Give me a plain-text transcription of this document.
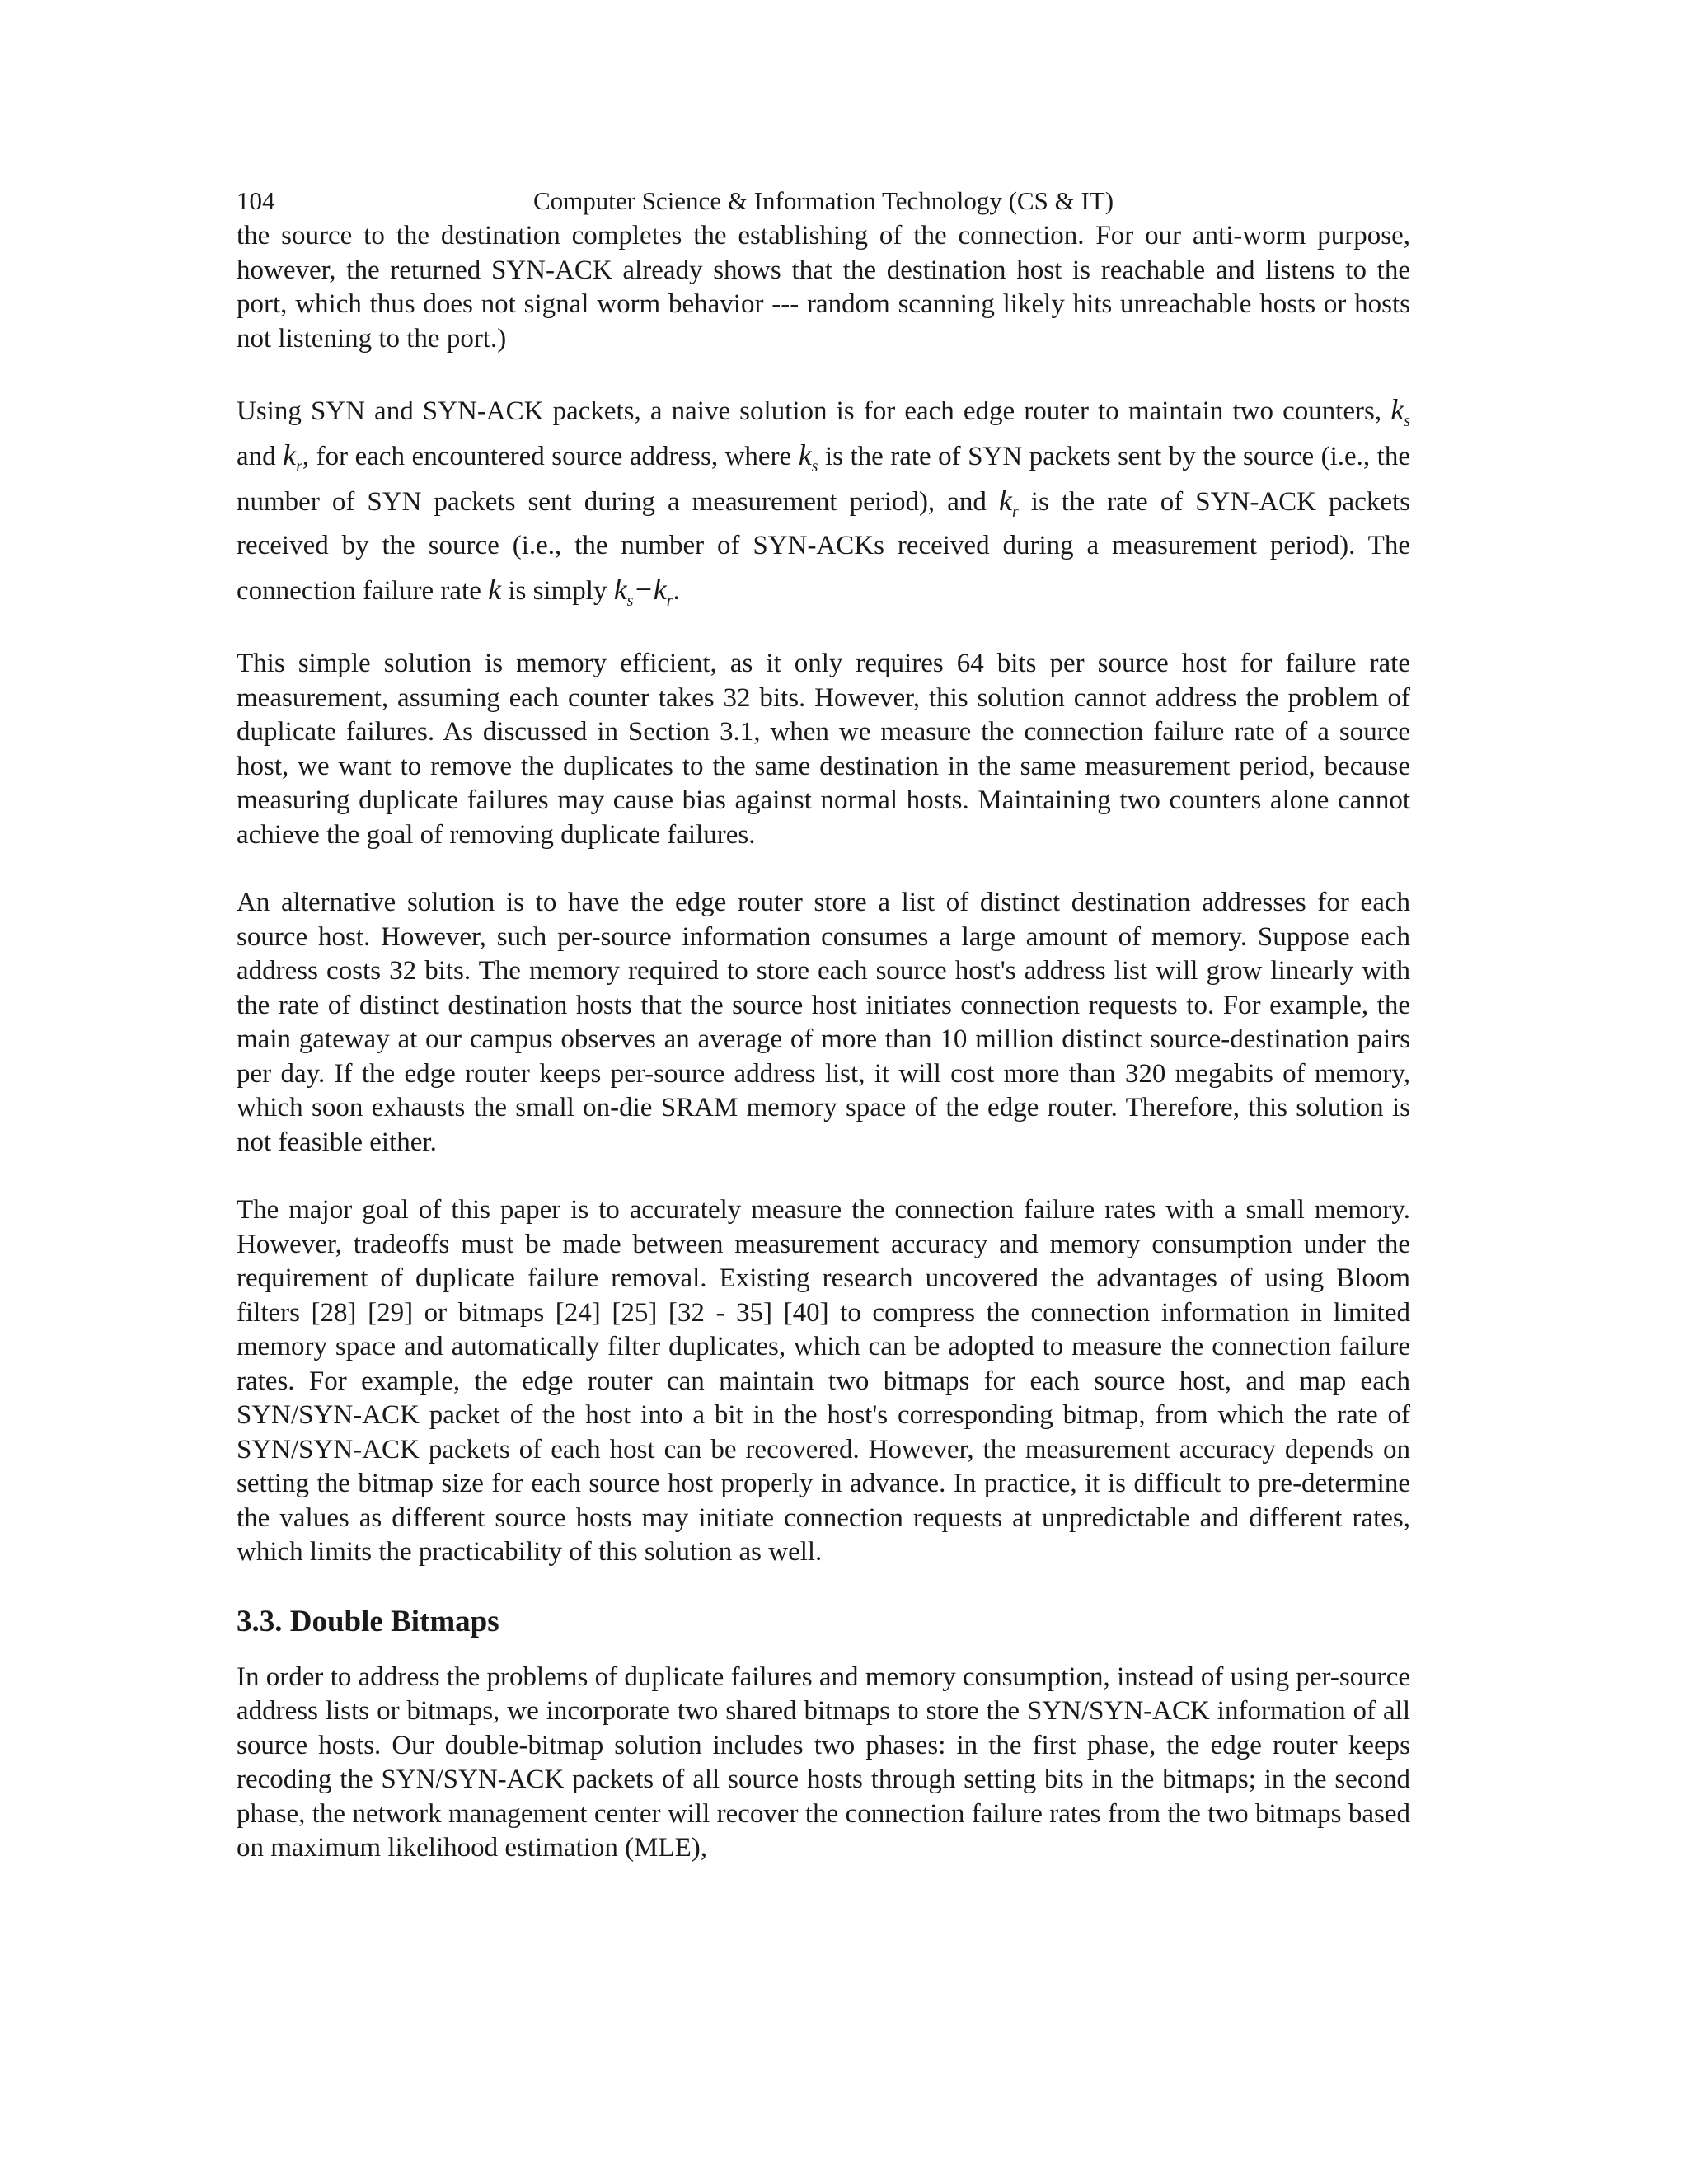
104	Computer Science & Information Technology (CS & IT)

the source to the destination completes the establishing of the connection. For our anti-worm purpose, however, the returned SYN-ACK already shows that the destination host is reachable and listens to the port, which thus does not signal worm behavior --- random scanning likely hits unreachable hosts or hosts not listening to the port.)

Using SYN and SYN-ACK packets, a naive solution is for each edge router to maintain two counters, $k_s$ and $k_r$, for each encountered source address, where $k_s$ is the rate of SYN packets sent by the source (i.e., the number of SYN packets sent during a measurement period), and $k_r$ is the rate of SYN-ACK packets received by the source (i.e., the number of SYN-ACKs received during a measurement period). The connection failure rate k is simply $k_s-k_r$.

This simple solution is memory efficient, as it only requires 64 bits per source host for failure rate measurement, assuming each counter takes 32 bits. However, this solution cannot address the problem of duplicate failures. As discussed in Section 3.1, when we measure the connection failure rate of a source host, we want to remove the duplicates to the same destination in the same measurement period, because measuring duplicate failures may cause bias against normal hosts. Maintaining two counters alone cannot achieve the goal of removing duplicate failures.

An alternative solution is to have the edge router store a list of distinct destination addresses for each source host. However, such per-source information consumes a large amount of memory. Suppose each address costs 32 bits. The memory required to store each source host's address list will grow linearly with the rate of distinct destination hosts that the source host initiates connection requests to. For example, the main gateway at our campus observes an average of more than 10 million distinct source-destination pairs per day. If the edge router keeps per-source address list, it will cost more than 320 megabits of memory, which soon exhausts the small on-die SRAM memory space of the edge router. Therefore, this solution is not feasible either.

The major goal of this paper is to accurately measure the connection failure rates with a small memory. However, tradeoffs must be made between measurement accuracy and memory consumption under the requirement of duplicate failure removal. Existing research uncovered the advantages of using Bloom filters [28] [29] or bitmaps [24] [25] [32 - 35] [40] to compress the connection information in limited memory space and automatically filter duplicates, which can be adopted to measure the connection failure rates. For example, the edge router can maintain two bitmaps for each source host, and map each SYN/SYN-ACK packet of the host into a bit in the host's corresponding bitmap, from which the rate of SYN/SYN-ACK packets of each host can be recovered. However, the measurement accuracy depends on setting the bitmap size for each source host properly in advance. In practice, it is difficult to pre-determine the values as different source hosts may initiate connection requests at unpredictable and different rates, which limits the practicability of this solution as well.

3.3. Double Bitmaps

In order to address the problems of duplicate failures and memory consumption, instead of using per-source address lists or bitmaps, we incorporate two shared bitmaps to store the SYN/SYN-ACK information of all source hosts. Our double-bitmap solution includes two phases: in the first phase, the edge router keeps recoding the SYN/SYN-ACK packets of all source hosts through setting bits in the bitmaps; in the second phase, the network management center will recover the connection failure rates from the two bitmaps based on maximum likelihood estimation (MLE),
